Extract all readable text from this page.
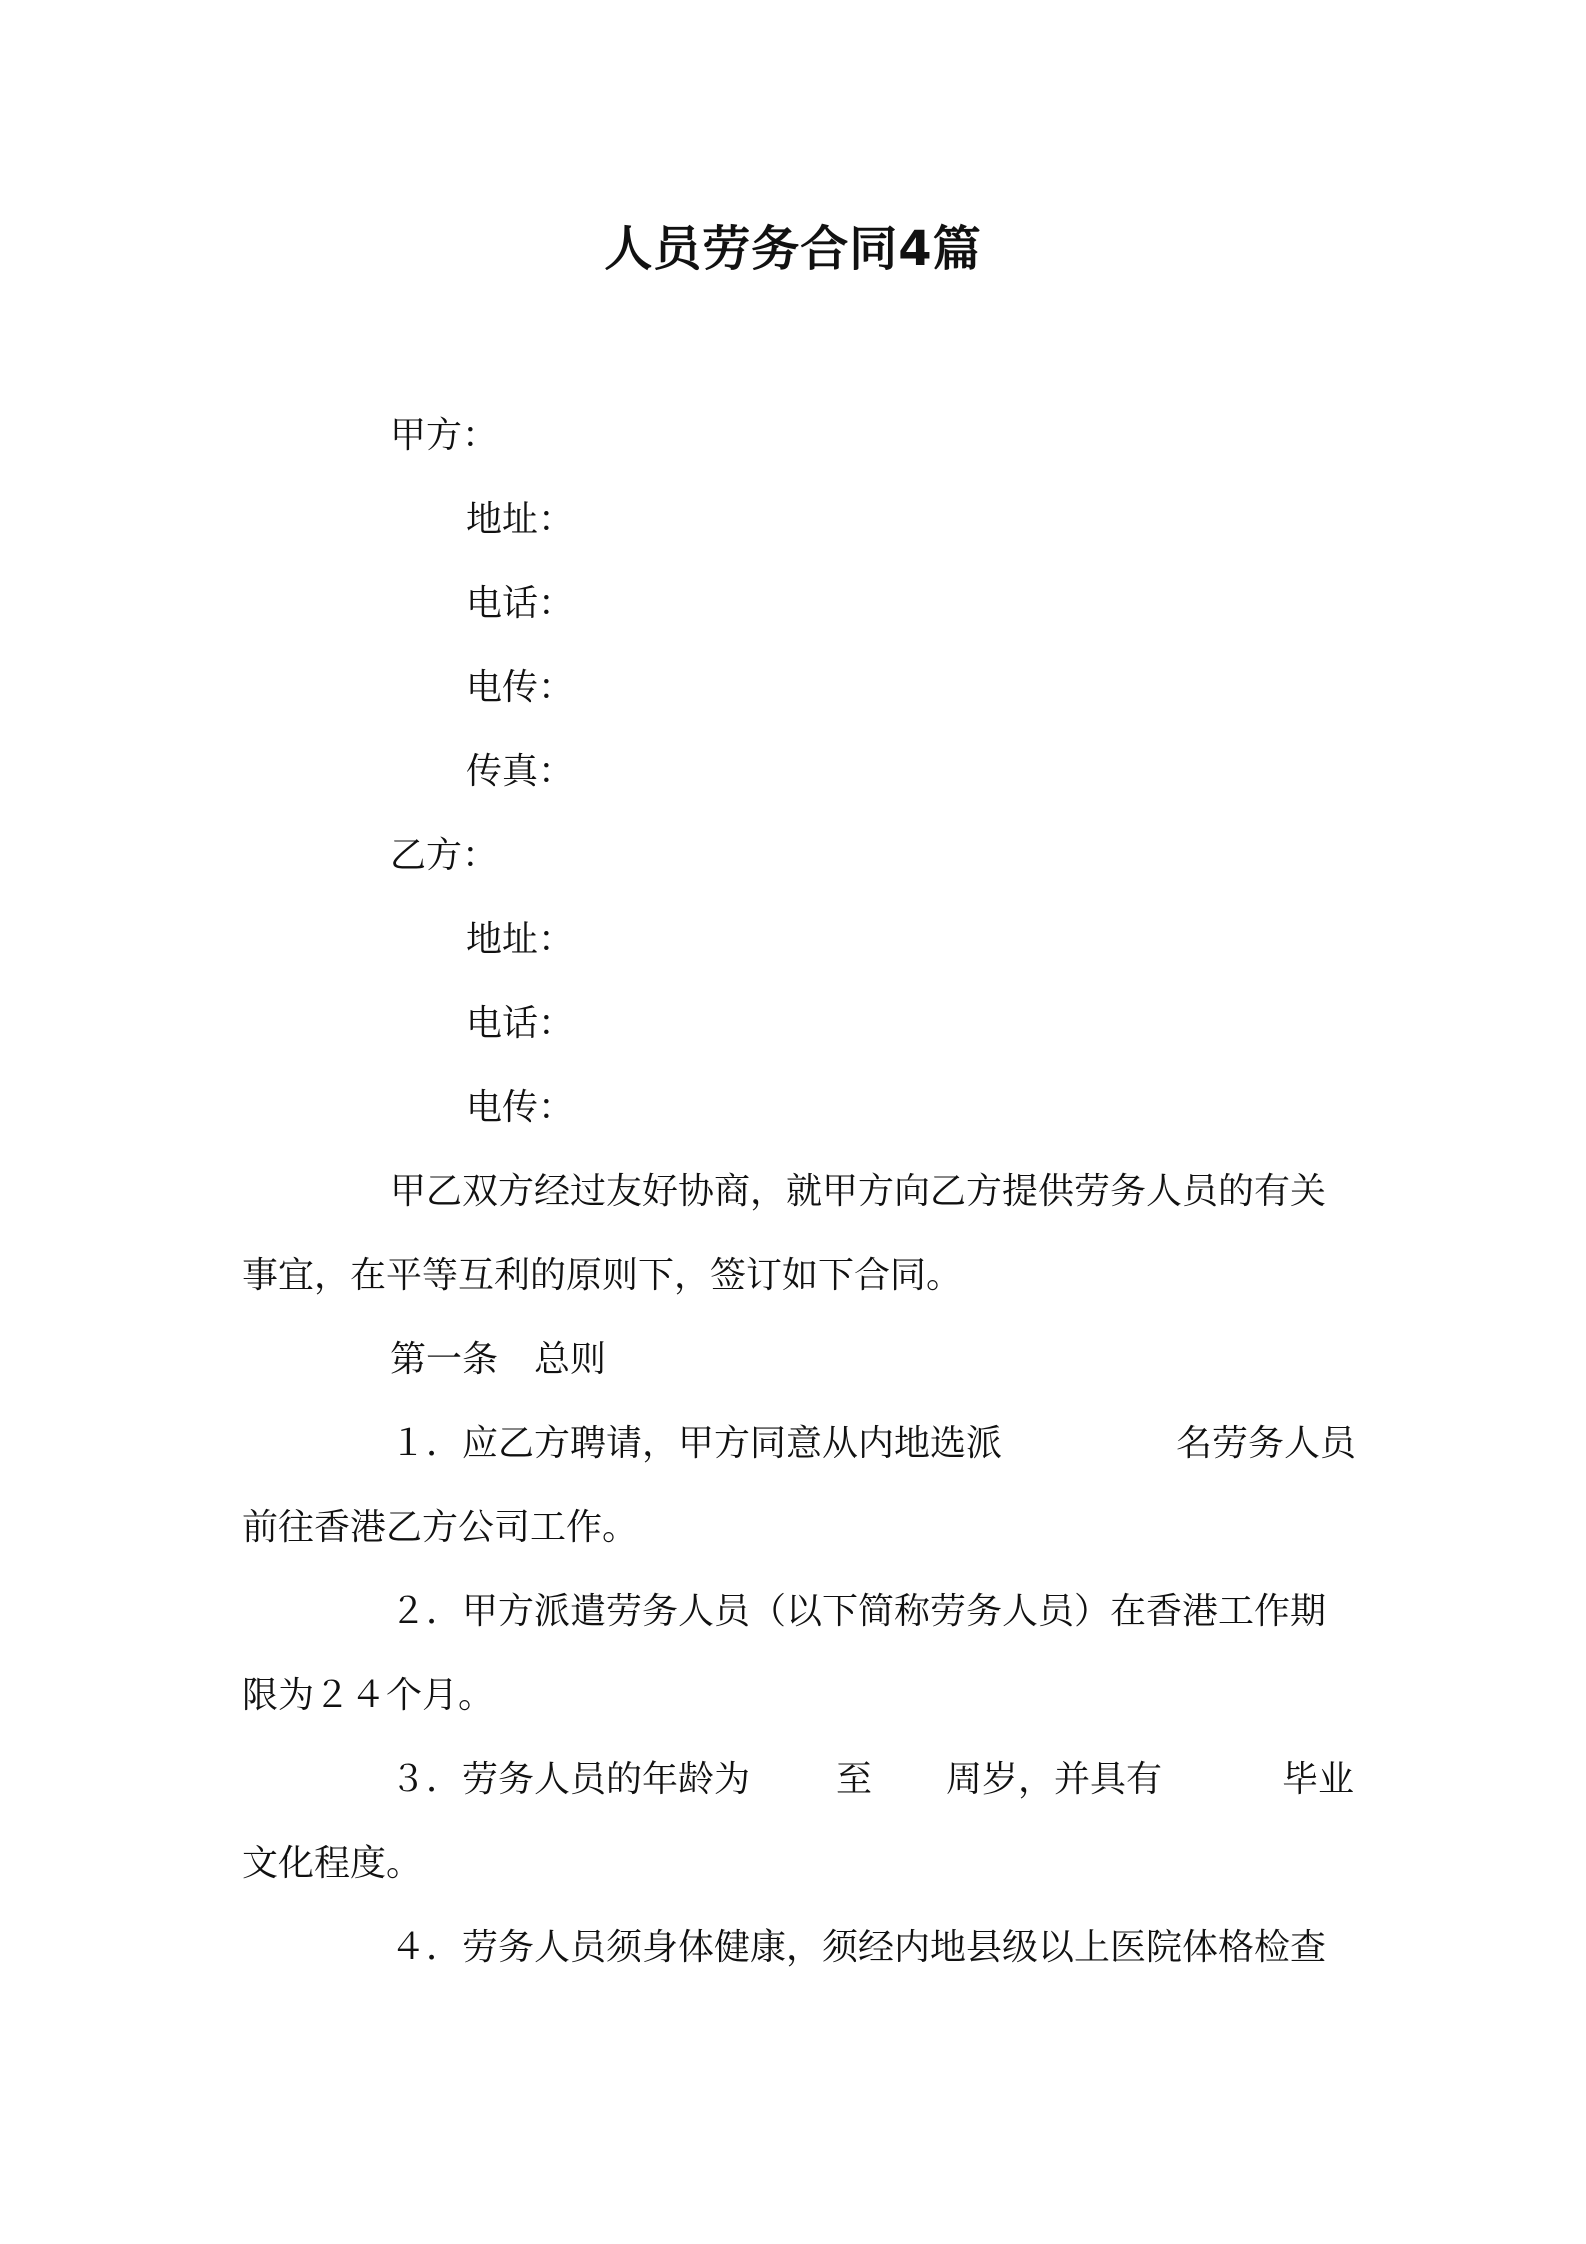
人员劳务合同4篇
甲方：
地址：
电话：
电传：
传真：
乙方：
地址：
电话：
电传：
甲乙双方经过友好协商，就甲方向乙方提供劳务人员的有关
事宜，在平等互利的原则下，签订如下合同。
第一条　总则
１．应乙方聘请，甲方同意从内地选派	名劳务人员
前往香港乙方公司工作。
２．甲方派遣劳务人员（以下简称劳务人员）在香港工作期
限为２４个月。
３．劳务人员的年龄为 至 周岁，并具有	毕业
文化程度。
４．劳务人员须身体健康，须经内地县级以上医院体格检查
